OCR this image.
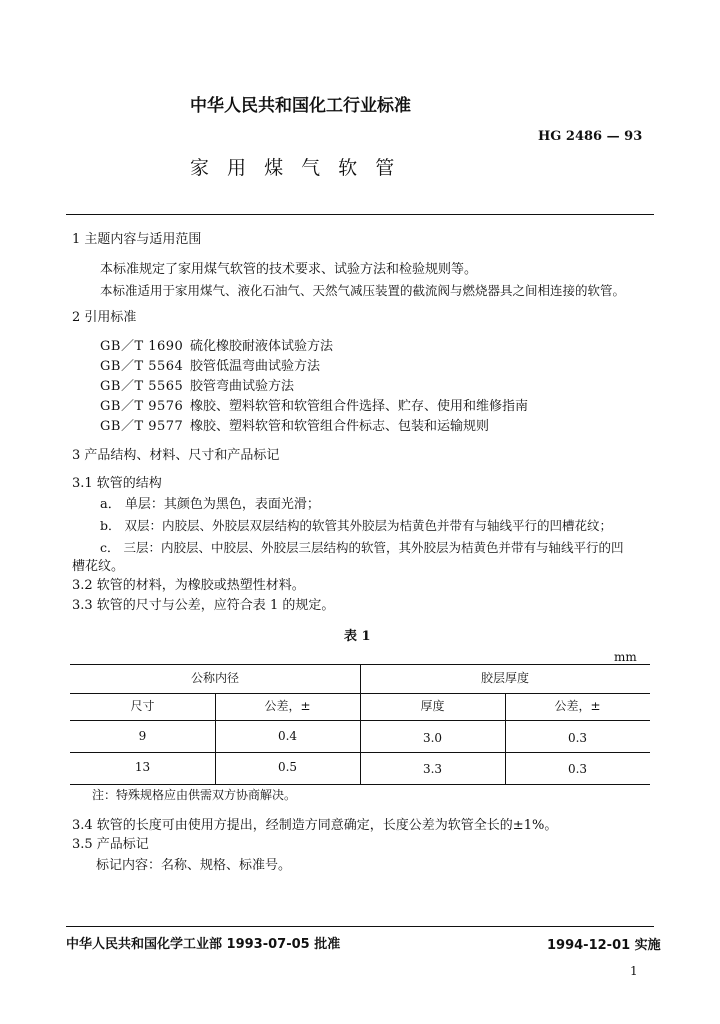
中华人民共和国化工行业标准
HG 2486 — 93
家 用 煤 气 软 管
1 主题内容与适用范围
本标准规定了家用煤气软管的技术要求、试验方法和检验规则等。
本标准适用于家用煤气、液化石油气、天然气减压装置的截流阀与燃烧器具之间相连接的软管。
2 引用标准
GB／T 1690 硫化橡胶耐液体试验方法
GB／T 5564 胶管低温弯曲试验方法
GB／T 5565 胶管弯曲试验方法
GB／T 9576 橡胶、塑料软管和软管组合件选择、贮存、使用和维修指南
GB／T 9577 橡胶、塑料软管和软管组合件标志、包装和运输规则
3 产品结构、材料、尺寸和产品标记
3.1 软管的结构
a． 单层：其颜色为黑色，表面光滑；
b． 双层：内胶层、外胶层双层结构的软管其外胶层为桔黄色并带有与轴线平行的凹槽花纹；
c． 三层：内胶层、中胶层、外胶层三层结构的软管，其外胶层为桔黄色并带有与轴线平行的凹
槽花纹。
3.2 软管的材料，为橡胶或热塑性材料。
3.3 软管的尺寸与公差，应符合表 1 的规定。
表 1
mm
公称内径	胶层厚度
尺寸	公差，±	厚度	公差，±
9	0.4	3.0	0.3
13	0.5	3.3	0.3
注：特殊规格应由供需双方协商解决。
3.4 软管的长度可由使用方提出，经制造方同意确定，长度公差为软管全长的±1%。
3.5 产品标记
标记内容：名称、规格、标准号。
中华人民共和国化学工业部 1993-07-05 批准	1994-12-01 实施
1
